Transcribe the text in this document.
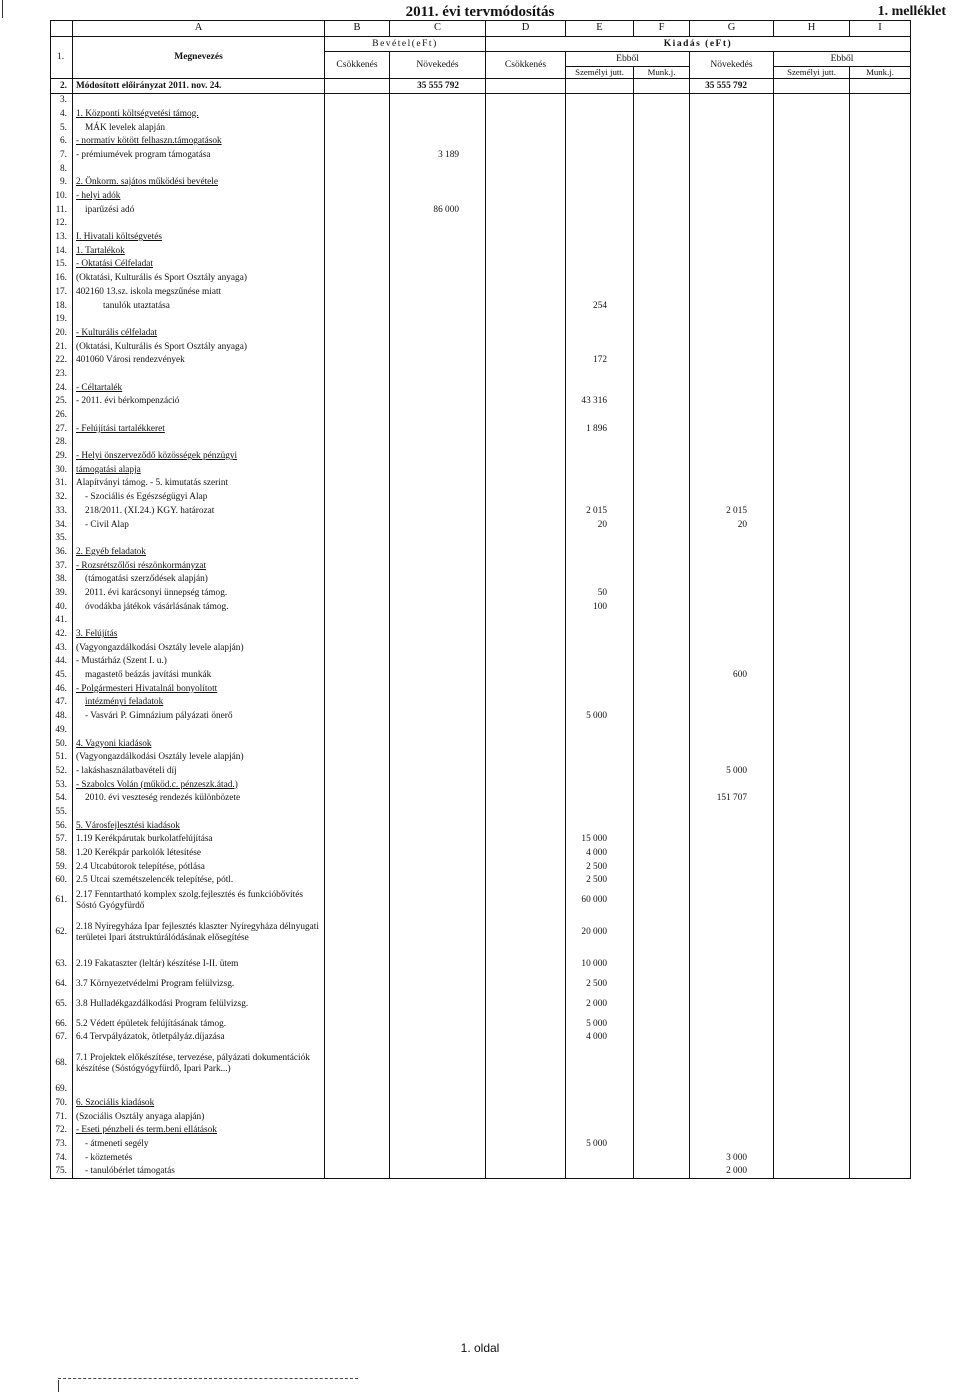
2011. évi tervmódosítás	1. melléklet
	A	B	C	D	E	F	G	H	I
1.	Megnevezés	Bevétel(eFt)		Kiadás (eFt)					
		Csökkenés	Növekedés	Csökkenés	Ebből		Növekedés	Ebből	
					Személyi jutt.	Munk.j.		Személyi jutt.	Munk.j.
2.	Módosított előirányzat 2011. nov. 24.		35 555 792				35 555 792		
3.									
4.	1. Központi költségvetési támog.								
5.	MÁK levelek alapján								
6.	- normatív kötött felhaszn.támogatások								
7.	- prémiumévek program támogatása		3 189						
8.									
9.	2. Önkorm. sajátos működési bevétele								
10.	- helyi adók								
11.	iparűzési adó		86 000						
12.									
13.	I. Hivatali költségvetés								
14.	1. Tartalékok								
15.	- Oktatási Célfeladat								
16.	(Oktatási, Kulturális és Sport Osztály anyaga)								
17.	402160 13.sz. iskola megszűnése miatt								
18.	tanulók utaztatása				254				
19.									
20.	- Kulturális célfeladat								
21.	(Oktatási, Kulturális és Sport Osztály anyaga)								
22.	401060 Városi rendezvények				172				
23.									
24.	- Céltartalék								
25.	- 2011. évi bérkompenzáció				43 316				
26.									
27.	- Felújítási tartalékkeret				1 896				
28.									
29.	- Helyi önszerveződő közösségek pénzügyi								
30.	támogatási alapja								
31.	Alapítványi támog. - 5. kimutatás szerint								
32.	- Szociális és Egészségügyi Alap								
33.	218/2011. (XI.24.) KGY. határozat				2 015		2 015		
34.	- Civil Alap				20		20		
35.									
36.	2. Egyéb feladatok								
37.	- Rozsrétszőlősi részönkormányzat								
38.	(támogatási szerződések alapján)								
39.	2011. évi karácsonyi ünnepség támog.				50				
40.	óvodákba játékok vásárlásának támog.				100				
41.									
42.	3. Felújítás								
43.	(Vagyongazdálkodási Osztály levele alapján)								
44.	- Mustárház (Szent I. u.)								
45.	magastető beázás javítási munkák						600		
46.	- Polgármesteri Hivatalnál bonyolított								
47.	intézményi feladatok								
48.	- Vasvári P. Gimnázium pályázati önerő				5 000				
49.									
50.	4. Vagyoni kiadások								
51.	(Vagyongazdálkodási Osztály levele alapján)								
52.	- lakáshasználatbavételi díj						5 000		
53.	- Szabolcs Volán (működ.c. pénzeszk.átad.)								
54.	2010. évi veszteség rendezés különbözete						151 707		
55.									
56.	5. Városfejlesztési kiadások								
57.	1.19 Kerékpárutak burkolatfelújítása				15 000				
58.	1.20 Kerékpár parkolók létesítése				4 000				
59.	2.4 Utcabútorok telepítése, pótlása				2 500				
60.	2.5 Utcai szemétszelencék telepítése, pótl.				2 500				
61.	2.17 Fenntartható komplex szolg.fejlesztés és funkcióbővítés Sóstó Gyógyfürdő				60 000				
62.	2.18 Nyíregyháza Ipar fejlesztés klaszter Nyíregyháza délnyugati területei Ipari átstruktúrálódásának elősegítése				20 000				
63.	2.19 Fakataszter (leltár) készítése I-II. ütem				10 000				
64.	3.7 Környezetvédelmi Program felülvizsg.				2 500				
65.	3.8 Hulladékgazdálkodási Program felülvizsg.				2 000				
66.	5.2 Védett épületek felújításának támog.				5 000				
67.	6.4 Tervpályázatok, ötletpályáz.díjazása				4 000				
68.	7.1 Projektek előkészítése, tervezése, pályázati dokumentációk készítése (Sóstógyógyfürdő, Ipari Park...)								
69.									
70.	6. Szociális kiadások								
71.	(Szociális Osztály anyaga alapján)								
72.	- Eseti pénzbeli és term.beni ellátások								
73.	- átmeneti segély				5 000				
74.	- köztemetés						3 000		
75.	- tanulóbérlet támogatás						2 000		
1. oldal
